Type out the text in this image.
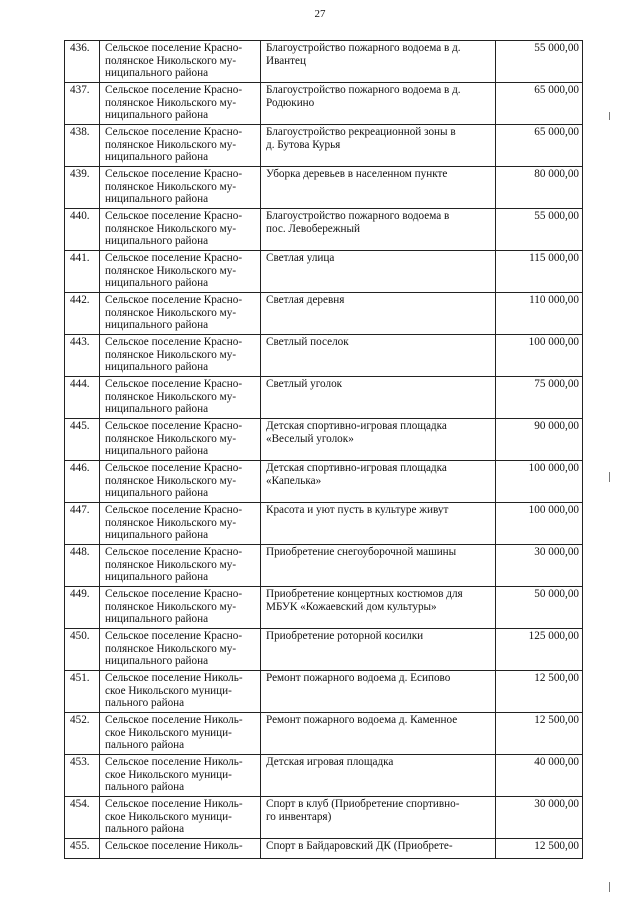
27
436.	Сельское поселение Красно-
полянское Никольского му-
ниципального района	Благоустройство пожарного водоема в д.
Ивантец	55 000,00
437.	Сельское поселение Красно-
полянское Никольского му-
ниципального района	Благоустройство пожарного водоема в д.
Родюкино	65 000,00
438.	Сельское поселение Красно-
полянское Никольского му-
ниципального района	Благоустройство рекреационной зоны в
д. Бутова Курья	65 000,00
439.	Сельское поселение Красно-
полянское Никольского му-
ниципального района	Уборка деревьев в населенном пункте	80 000,00
440.	Сельское поселение Красно-
полянское Никольского му-
ниципального района	Благоустройство пожарного водоема в
пос. Левобережный	55 000,00
441.	Сельское поселение Красно-
полянское Никольского му-
ниципального района	Светлая улица	115 000,00
442.	Сельское поселение Красно-
полянское Никольского му-
ниципального района	Светлая деревня	110 000,00
443.	Сельское поселение Красно-
полянское Никольского му-
ниципального района	Светлый поселок	100 000,00
444.	Сельское поселение Красно-
полянское Никольского му-
ниципального района	Светлый уголок	75 000,00
445.	Сельское поселение Красно-
полянское Никольского му-
ниципального района	Детская спортивно-игровая площадка
«Веселый уголок»	90 000,00
446.	Сельское поселение Красно-
полянское Никольского му-
ниципального района	Детская спортивно-игровая площадка
«Капелька»	100 000,00
447.	Сельское поселение Красно-
полянское Никольского му-
ниципального района	Красота и уют пусть в культуре живут	100 000,00
448.	Сельское поселение Красно-
полянское Никольского му-
ниципального района	Приобретение снегоуборочной машины	30 000,00
449.	Сельское поселение Красно-
полянское Никольского му-
ниципального района	Приобретение концертных костюмов для
МБУК «Кожаевский дом культуры»	50 000,00
450.	Сельское поселение Красно-
полянское Никольского му-
ниципального района	Приобретение роторной косилки	125 000,00
451.	Сельское поселение Николь-
ское Никольского муници-
пального района	Ремонт пожарного водоема д. Есипово	12 500,00
452.	Сельское поселение Николь-
ское Никольского муници-
пального района	Ремонт пожарного водоема д. Каменное	12 500,00
453.	Сельское поселение Николь-
ское Никольского муници-
пального района	Детская игровая площадка	40 000,00
454.	Сельское поселение Николь-
ское Никольского муници-
пального района	Спорт в клуб (Приобретение спортивно-
го инвентаря)	30 000,00
455.	Сельское поселение Николь-	Спорт в Байдаровский ДК (Приобрете-	12 500,00
